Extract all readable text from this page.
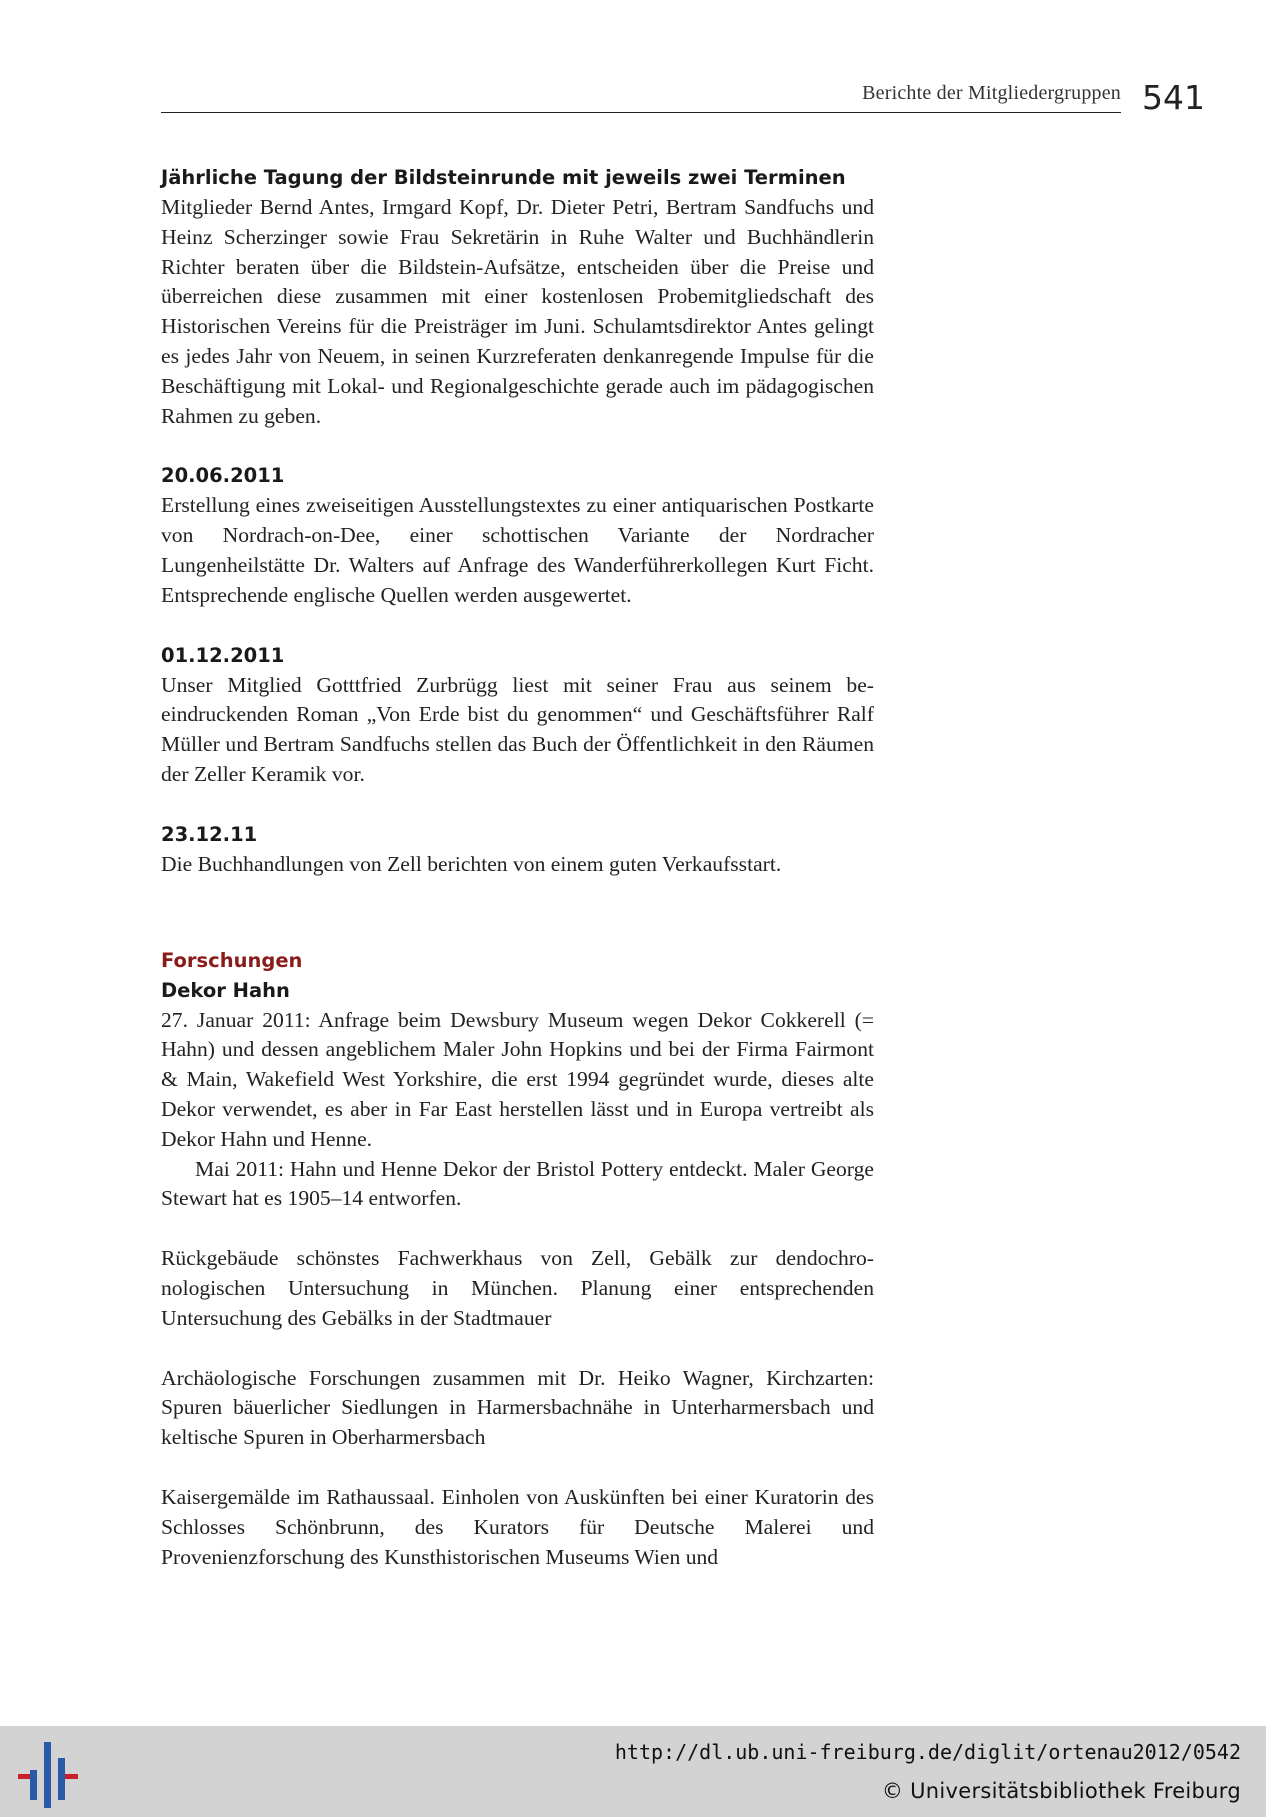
Berichte der Mitgliedergruppen 541
Jährliche Tagung der Bildsteinrunde mit jeweils zwei Terminen

Mitglieder Bernd Antes, Irmgard Kopf, Dr. Dieter Petri, Bertram Sandfuchs und Heinz Scherzinger sowie Frau Sekretärin in Ruhe Walter und Buchhändlerin Richter beraten über die Bildstein-Aufsätze, entscheiden über die Preise und überreichen diese zusammen mit einer kostenlosen Probemitgliedschaft des Historischen Vereins für die Preisträger im Juni. Schulamtsdirektor Antes gelingt es jedes Jahr von Neuem, in seinen Kurzreferaten denkanregende Impulse für die Beschäftigung mit Lokal- und Regionalgeschichte gerade auch im pädagogischen Rahmen zu geben.

20.06.2011

Erstellung eines zweiseitigen Ausstellungstextes zu einer antiquarischen Postkarte von Nordrach-on-Dee, einer schottischen Variante der Nordracher Lungenheilstätte Dr. Walters auf Anfrage des Wanderführerkollegen Kurt Ficht. Entsprechende englische Quellen werden ausgewertet.

01.12.2011

Unser Mitglied Gotttfried Zurbrügg liest mit seiner Frau aus seinem beeindruckenden Roman „Von Erde bist du genommen“ und Geschäftsführer Ralf Müller und Bertram Sandfuchs stellen das Buch der Öffentlichkeit in den Räumen der Zeller Keramik vor.

23.12.11

Die Buchhandlungen von Zell berichten von einem guten Verkaufsstart.

Forschungen
Dekor Hahn

27. Januar 2011: Anfrage beim Dewsbury Museum wegen Dekor Cokkerell (= Hahn) und dessen angeblichem Maler John Hopkins und bei der Firma Fairmont & Main, Wakefield West Yorkshire, die erst 1994 gegründet wurde, dieses alte Dekor verwendet, es aber in Far East herstellen lässt und in Europa vertreibt als Dekor Hahn und Henne.

Mai 2011: Hahn und Henne Dekor der Bristol Pottery entdeckt. Maler George Stewart hat es 1905–14 entworfen.

Rückgebäude schönstes Fachwerkhaus von Zell, Gebälk zur dendochronologischen Untersuchung in München. Planung einer entsprechenden Untersuchung des Gebälks in der Stadtmauer

Archäologische Forschungen zusammen mit Dr. Heiko Wagner, Kirchzarten: Spuren bäuerlicher Siedlungen in Harmersbachnähe in Unterharmersbach und keltische Spuren in Oberharmersbach

Kaisergemälde im Rathaussaal. Einholen von Auskünften bei einer Kuratorin des Schlosses Schönbrunn, des Kurators für Deutsche Malerei und Provenienzforschung des Kunsthistorischen Museums Wien und

http://dl.ub.uni-freiburg.de/diglit/ortenau2012/0542
© Universitätsbibliothek Freiburg
